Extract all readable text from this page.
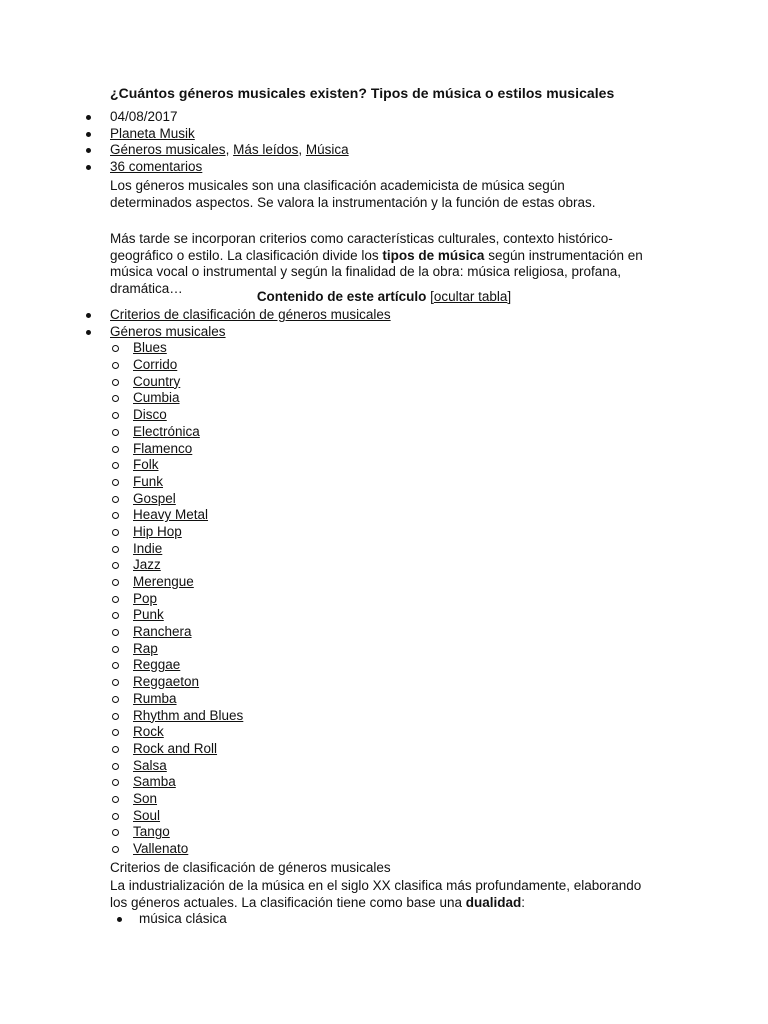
¿Cuántos géneros musicales existen? Tipos de música o estilos musicales
04/08/2017
Planeta Musik
Géneros musicales, Más leídos, Música
36 comentarios
Los géneros musicales son una clasificación academicista de música según determinados aspectos. Se valora la instrumentación y la función de estas obras.
Más tarde se incorporan criterios como características culturales, contexto histórico-geográfico o estilo. La clasificación divide los tipos de música según instrumentación en música vocal o instrumental y según la finalidad de la obra: música religiosa, profana, dramática…
Contenido de este artículo [ocultar tabla]
Criterios de clasificación de géneros musicales
Géneros musicales
Blues
Corrido
Country
Cumbia
Disco
Electrónica
Flamenco
Folk
Funk
Gospel
Heavy Metal
Hip Hop
Indie
Jazz
Merengue
Pop
Punk
Ranchera
Rap
Reggae
Reggaeton
Rumba
Rhythm and Blues
Rock
Rock and Roll
Salsa
Samba
Son
Soul
Tango
Vallenato
Criterios de clasificación de géneros musicales
La industrialización de la música en el siglo XX clasifica más profundamente, elaborando los géneros actuales. La clasificación tiene como base una dualidad:
música clásica
